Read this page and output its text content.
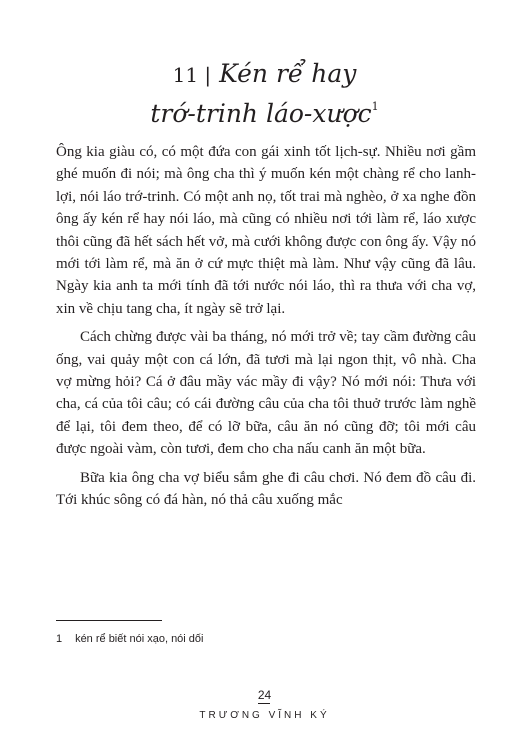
11 | Kén rể hay
trớ-trinh láo-xược$^1$

Ông kia giàu có, có một đứa con gái xinh tốt lịch-sự. Nhiều nơi gầm ghé muốn đi nói; mà ông cha thì ý muốn kén một chàng rể cho lanh-lợi, nói láo trớ-trinh. Có một anh nọ, tốt trai mà nghèo, ở xa nghe đồn ông ấy kén rể hay nói láo, mà cũng có nhiều nơi tới làm rể, láo xược thôi cũng đã hết sách hết vở, mà cưới không được con ông ấy. Vậy nó mới tới làm rể, mà ăn ở cứ mực thiệt mà làm. Như vậy cũng đã lâu. Ngày kia anh ta mới tính đã tới nước nói láo, thì ra thưa với cha vợ, xin về chịu tang cha, ít ngày sẽ trở lại.

Cách chừng được vài ba tháng, nó mới trở về; tay cầm đường câu ống, vai quảy một con cá lớn, đã tươi mà lại ngon thịt, vô nhà. Cha vợ mừng hỏi? Cá ở đâu mầy vác mầy đi vậy? Nó mới nói: Thưa với cha, cá của tôi câu; có cái đường câu của cha tôi thuở trước làm nghề để lại, tôi đem theo, để có lỡ bữa, câu ăn nó cũng đỡ; tôi mới câu được ngoài vàm, còn tươi, đem cho cha nấu canh ăn một bữa.

Bữa kia ông cha vợ biểu sắm ghe đi câu chơi. Nó đem đồ câu đi. Tới khúc sông có đá hàn, nó thả câu xuống mắc

1 kén rể biết nói xạo, nói dối
24
TRƯƠNG VĨNH KÝ
